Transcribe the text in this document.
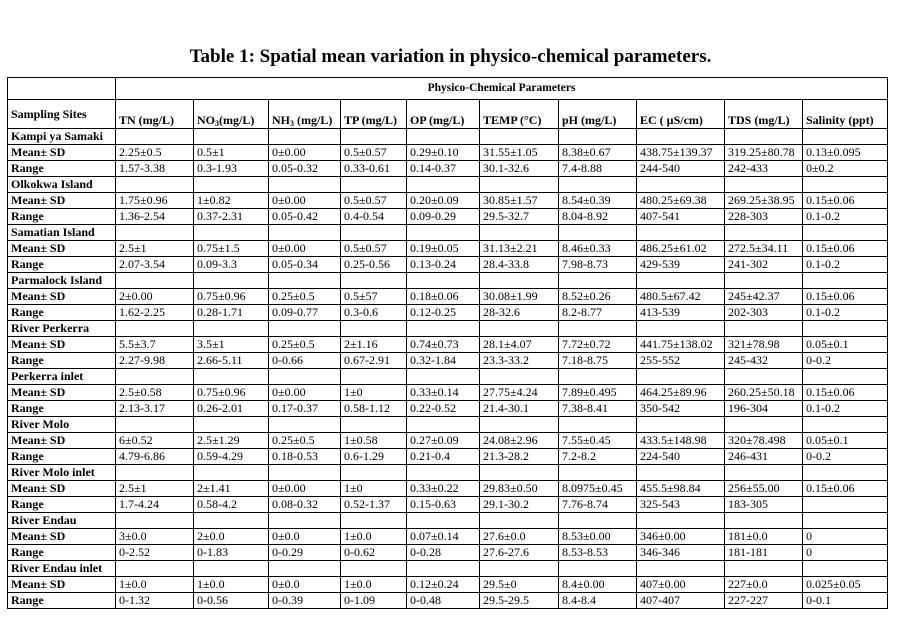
Table 1: Spatial mean variation in physico-chemical parameters.
	Physico-Chemical Parameters									
Sampling Sites	TN (mg/L)	$NO_3(mg/L)$	$NH_3$ (mg/L)	TP (mg/L)	OP (mg/L)	TEMP (°C)	pH (mg/L)	EC ( µS/cm)	TDS (mg/L)	Salinity (ppt)
Kampi ya Samaki										
Mean± SD	2.25±0.5	0.5±1	0±0.00	0.5±0.57	0.29±0.10	31.55±1.05	8.38±0.67	438.75±139.37	319.25±80.78	0.13±0.095
Range	1.57-3.38	0.3-1.93	0.05-0.32	0.33-0.61	0.14-0.37	30.1-32.6	7.4-8.88	244-540	242-433	0±0.2
Olkokwa Island										
Mean± SD	1.75±0.96	1±0.82	0±0.00	0.5±0.57	0.20±0.09	30.85±1.57	8.54±0.39	480.25±69.38	269.25±38.95	0.15±0.06
Range	1.36-2.54	0.37-2.31	0.05-0.42	0.4-0.54	0.09-0.29	29.5-32.7	8.04-8.92	407-541	228-303	0.1-0.2
Samatian Island										
Mean± SD	2.5±1	0.75±1.5	0±0.00	0.5±0.57	0.19±0.05	31.13±2.21	8.46±0.33	486.25±61.02	272.5±34.11	0.15±0.06
Range	2.07-3.54	0.09-3.3	0.05-0.34	0.25-0.56	0.13-0.24	28.4-33.8	7.98-8.73	429-539	241-302	0.1-0.2
Parmalock Island										
Mean± SD	2±0.00	0.75±0.96	0.25±0.5	0.5±57	0.18±0.06	30.08±1.99	8.52±0.26	480.5±67.42	245±42.37	0.15±0.06
Range	1.62-2.25	0.28-1.71	0.09-0.77	0.3-0.6	0.12-0.25	28-32.6	8.2-8.77	413-539	202-303	0.1-0.2
River Perkerra										
Mean± SD	5.5±3.7	3.5±1	0.25±0.5	2±1.16	0.74±0.73	28.1±4.07	7.72±0.72	441.75±138.02	321±78.98	0.05±0.1
Range	2.27-9.98	2.66-5.11	0-0.66	0.67-2.91	0.32-1.84	23.3-33.2	7.18-8.75	255-552	245-432	0-0.2
Perkerra inlet										
Mean± SD	2.5±0.58	0.75±0.96	0±0.00	1±0	0.33±0.14	27.75±4.24	7.89±0.495	464.25±89.96	260.25±50.18	0.15±0.06
Range	2.13-3.17	0.26-2.01	0.17-0.37	0.58-1.12	0.22-0.52	21.4-30.1	7.38-8.41	350-542	196-304	0.1-0.2
River Molo										
Mean± SD	6±0.52	2.5±1.29	0.25±0.5	1±0.58	0.27±0.09	24.08±2.96	7.55±0.45	433.5±148.98	320±78.498	0.05±0.1
Range	4.79-6.86	0.59-4.29	0.18-0.53	0.6-1.29	0.21-0.4	21.3-28.2	7.2-8.2	224-540	246-431	0-0.2
River Molo inlet										
Mean± SD	2.5±1	2±1.41	0±0.00	1±0	0.33±0.22	29.83±0.50	8.0975±0.45	455.5±98.84	256±55.00	0.15±0.06
Range	1.7-4.24	0.58-4.2	0.08-0.32	0.52-1.37	0.15-0.63	29.1-30.2	7.76-8.74	325-543	183-305	
River Endau										
Mean± SD	3±0.0	2±0.0	0±0.0	1±0.0	0.07±0.14	27.6±0.0	8.53±0.00	346±0.00	181±0.0	0
Range	0-2.52	0-1.83	0-0.29	0-0.62	0-0.28	27.6-27.6	8.53-8.53	346-346	181-181	0
River Endau inlet										
Mean± SD	1±0.0	1±0.0	0±0.0	1±0.0	0.12±0.24	29.5±0	8.4±0.00	407±0.00	227±0.0	0.025±0.05
Range	0-1.32	0-0.56	0-0.39	0-1.09	0-0.48	29.5-29.5	8.4-8.4	407-407	227-227	0-0.1
